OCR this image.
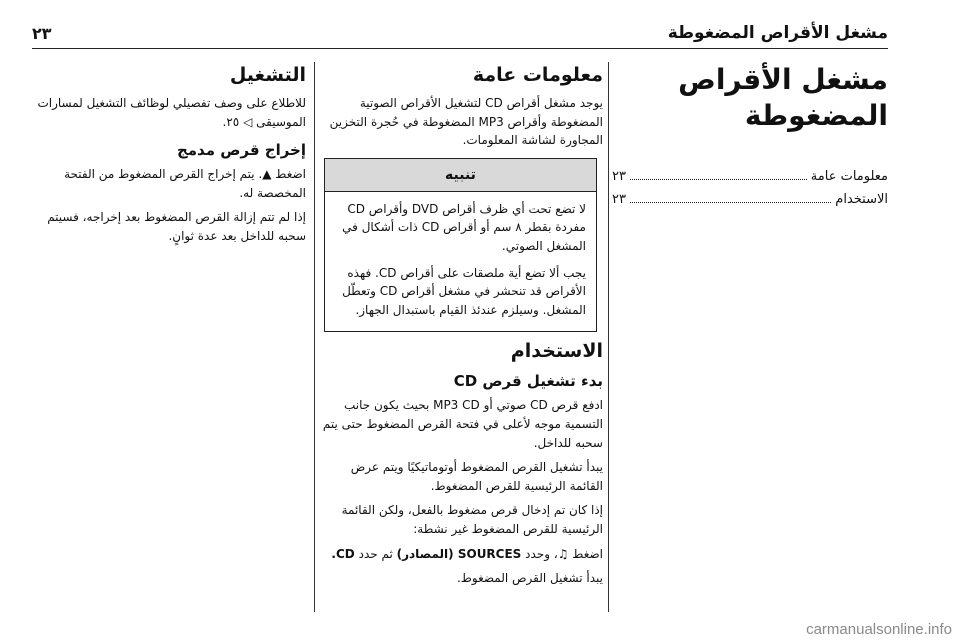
مشغل الأقراص المضغوطة
٢٣
مشغل الأقراص المضغوطة
معلومات عامة
٢٣
الاستخدام
٢٣
معلومات عامة

يوجد مشغل أقراص CD لتشغيل الأقراص الصوتية المضغوطة وأقراص MP3 المضغوطة في حُجرة التخزين المجاورة لشاشة المعلومات.

تنبيه

لا تضع تحت أي ظرف أقراص DVD وأقراص CD مفردة بقطر ٨ سم أو أقراص CD ذات أشكال في المشغل الصوتي.

يجب ألا تضع أية ملصقات على أقراص CD. فهذه الأقراص قد تنحشر في مشغل أقراص CD وتعطّل المشغل. وسيلزم عندئذ القيام باستبدال الجهاز.

الاستخدام
بدء تشغيل قرص CD

ادفع قرص CD صوتي أو MP3 CD بحيث يكون جانب التسمية موجه لأعلى في فتحة القرص المضغوط حتى يتم سحبه للداخل.

يبدأ تشغيل القرص المضغوط أوتوماتيكيًا ويتم عرض القائمة الرئيسية للقرص المضغوط.

إذا كان تم إدخال قرص مضغوط بالفعل، ولكن القائمة الرئيسية للقرص المضغوط غير نشطة:

اضغط ♫، وحدد SOURCES (المصادر) ثم حدد CD.

يبدأ تشغيل القرص المضغوط.

التشغيل

للاطلاع على وصف تفصيلي لوظائف التشغيل لمسارات الموسيقى ◁ ٢٥.

إخراج قرص مدمج

اضغط ▲. يتم إخراج القرص المضغوط من الفتحة المخصصة له.

إذا لم تتم إزالة القرص المضغوط بعد إخراجه، فسيتم سحبه للداخل بعد عدة ثوانٍ.

carmanualsonline.info
